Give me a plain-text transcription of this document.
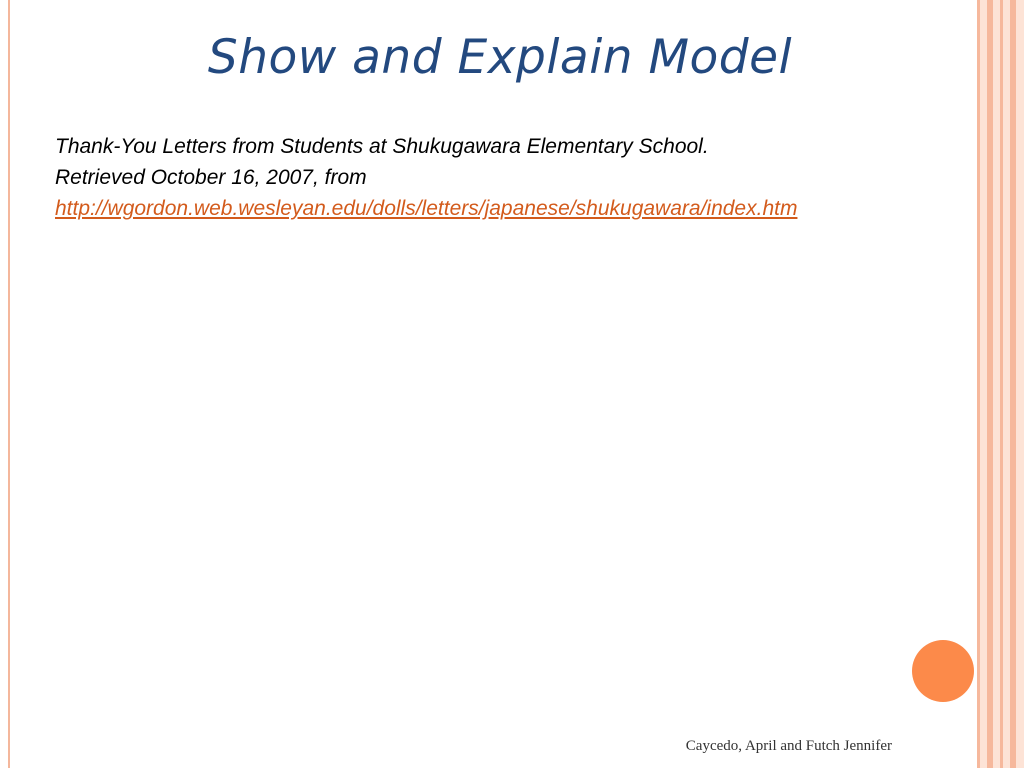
Show and Explain Model
Thank-You Letters from Students at Shukugawara Elementary School.
Retrieved October 16, 2007, from
http://wgordon.web.wesleyan.edu/dolls/letters/japanese/shukugawara/index.htm
Caycedo, April and Futch Jennifer
